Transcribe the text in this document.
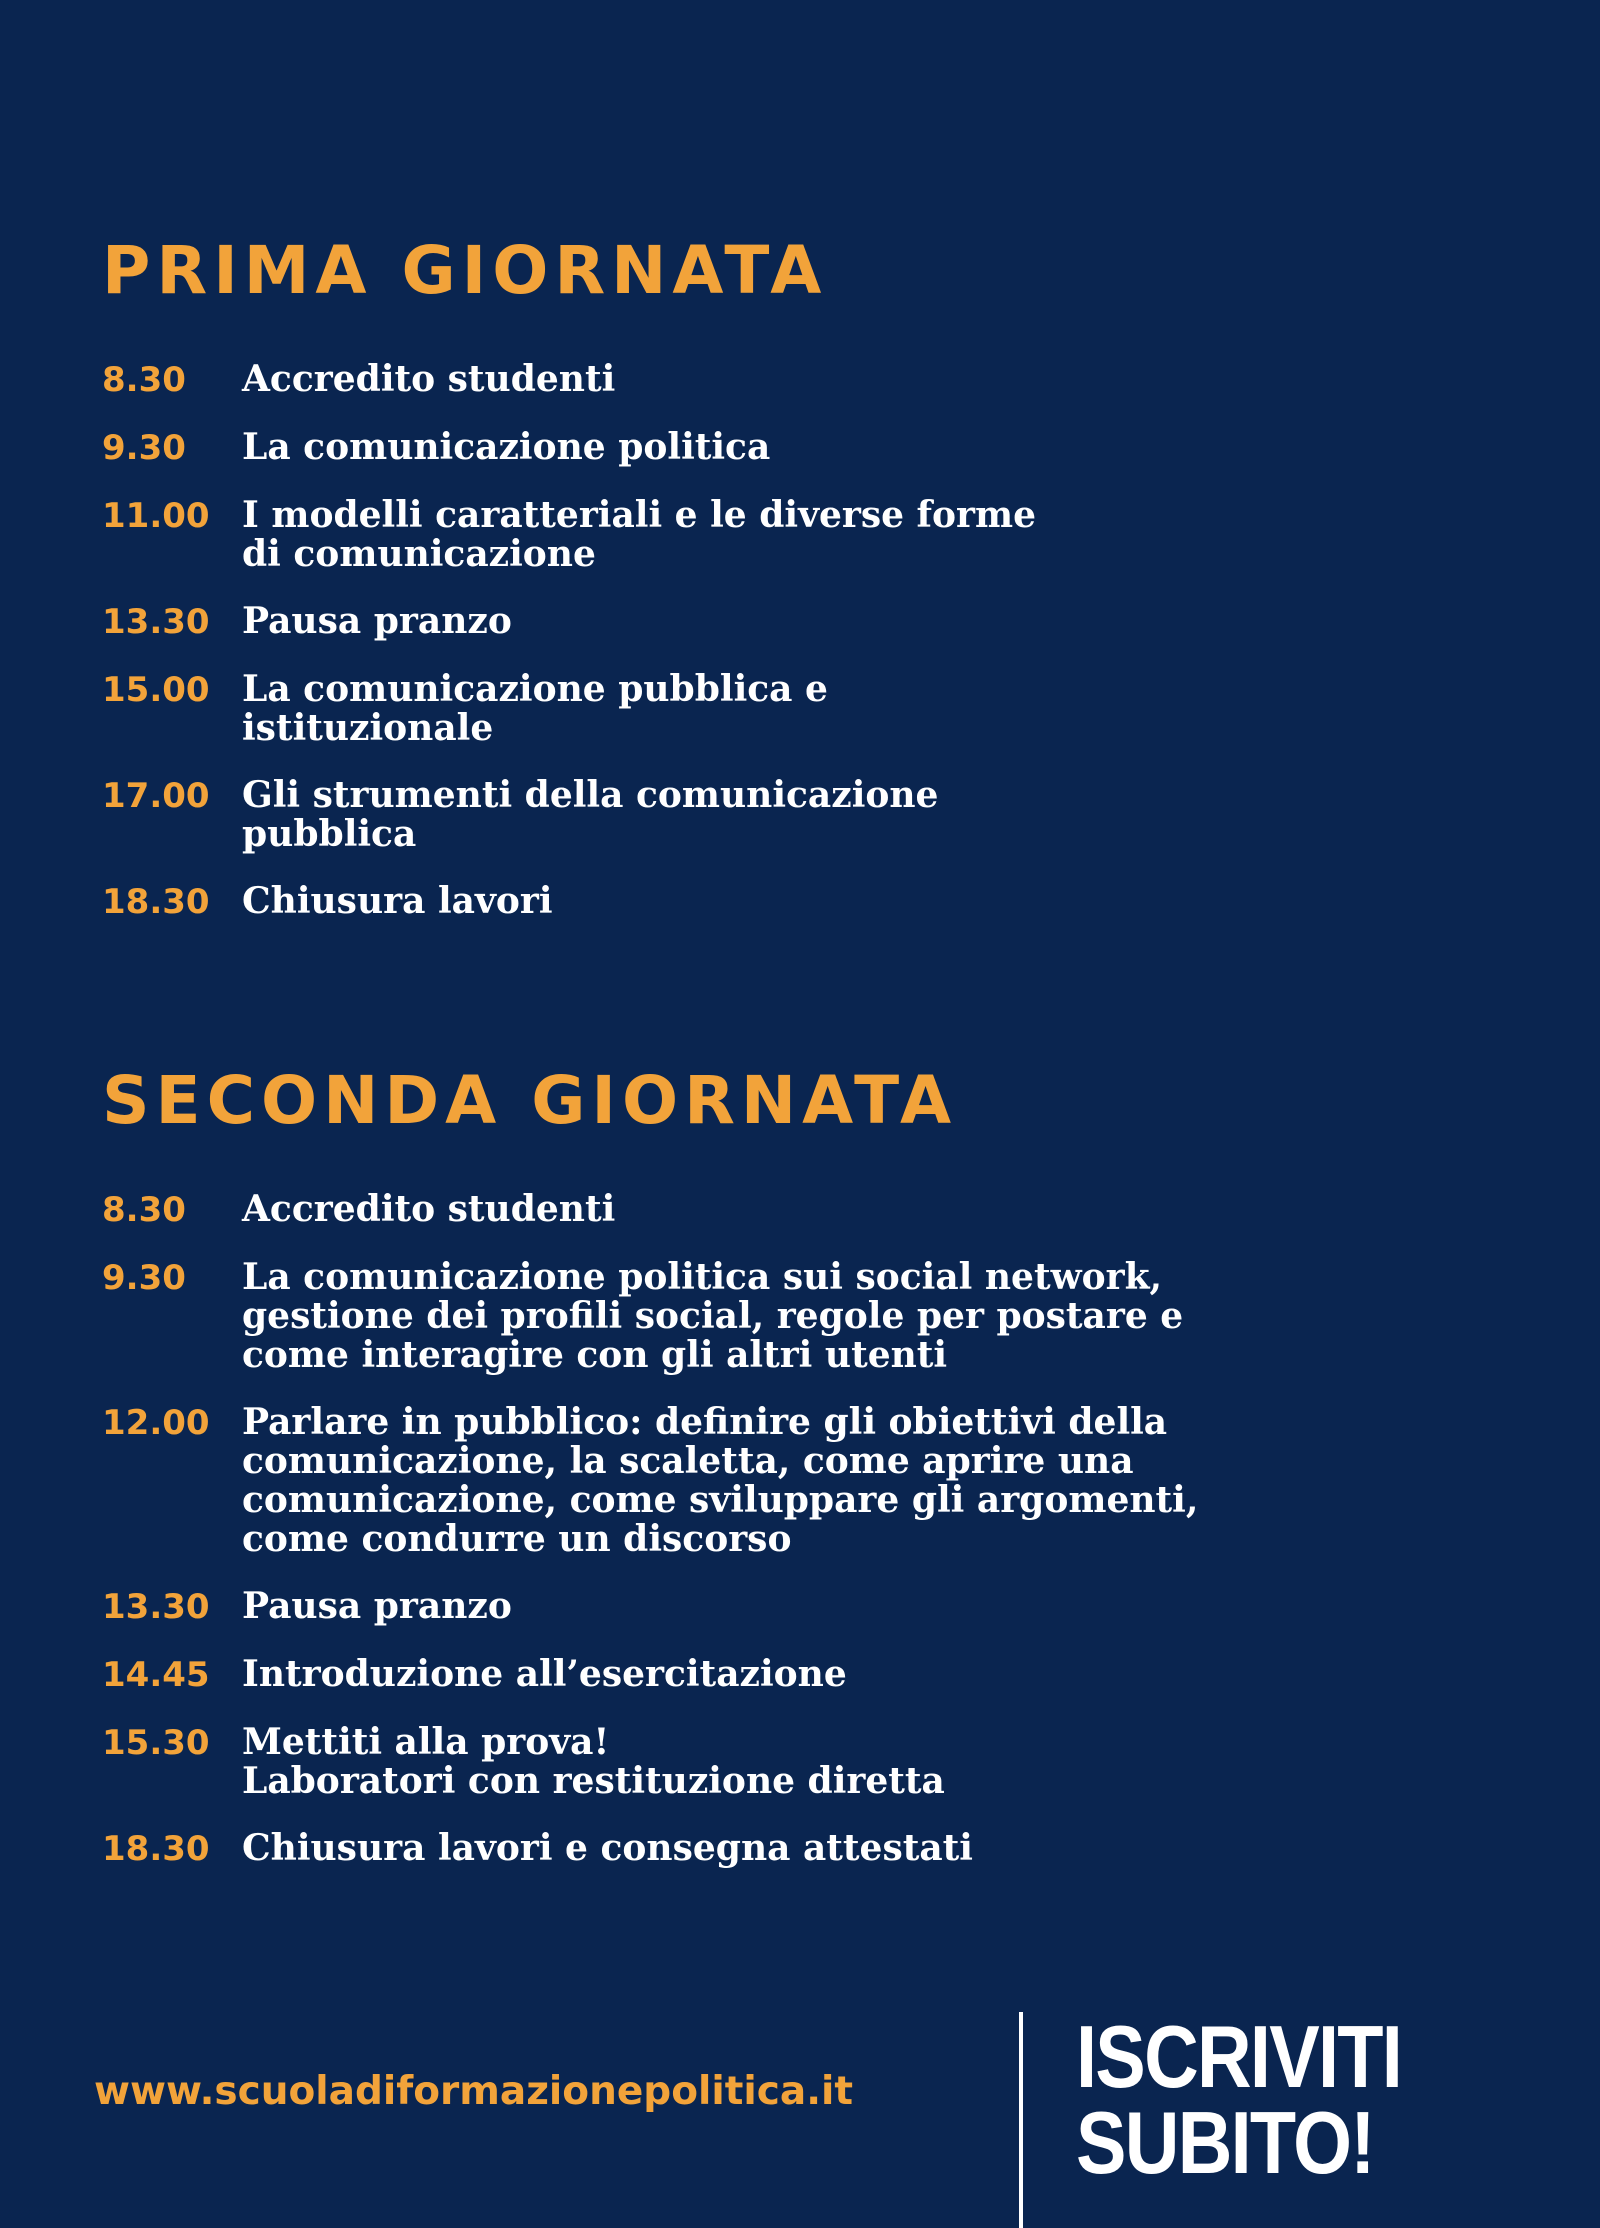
PRIMA GIORNATA
8.30	Accredito studenti
9.30	La comunicazione politica
11.00 I modelli caratteriali e le diverse forme
di comunicazione
13.30 Pausa pranzo
15.00 La comunicazione pubblica e
istituzionale
17.00 Gli strumenti della comunicazione
pubblica
18.30 Chiusura lavori
SECONDA GIORNATA
8.30	Accredito studenti
9.30	La comunicazione politica sui social network,
gestione dei profili social, regole per postare e
come interagire con gli altri utenti
12.00 Parlare in pubblico: definire gli obiettivi della
comunicazione, la scaletta, come aprire una
comunicazione, come sviluppare gli argomenti,
come condurre un discorso
13.30 Pausa pranzo
14.45 Introduzione all’esercitazione
15.30 Mettiti alla prova!
Laboratori con restituzione diretta
18.30 Chiusura lavori e consegna attestati
www.scuoladiformazionepolitica.it	ISCRIVITI
SUBITO!
